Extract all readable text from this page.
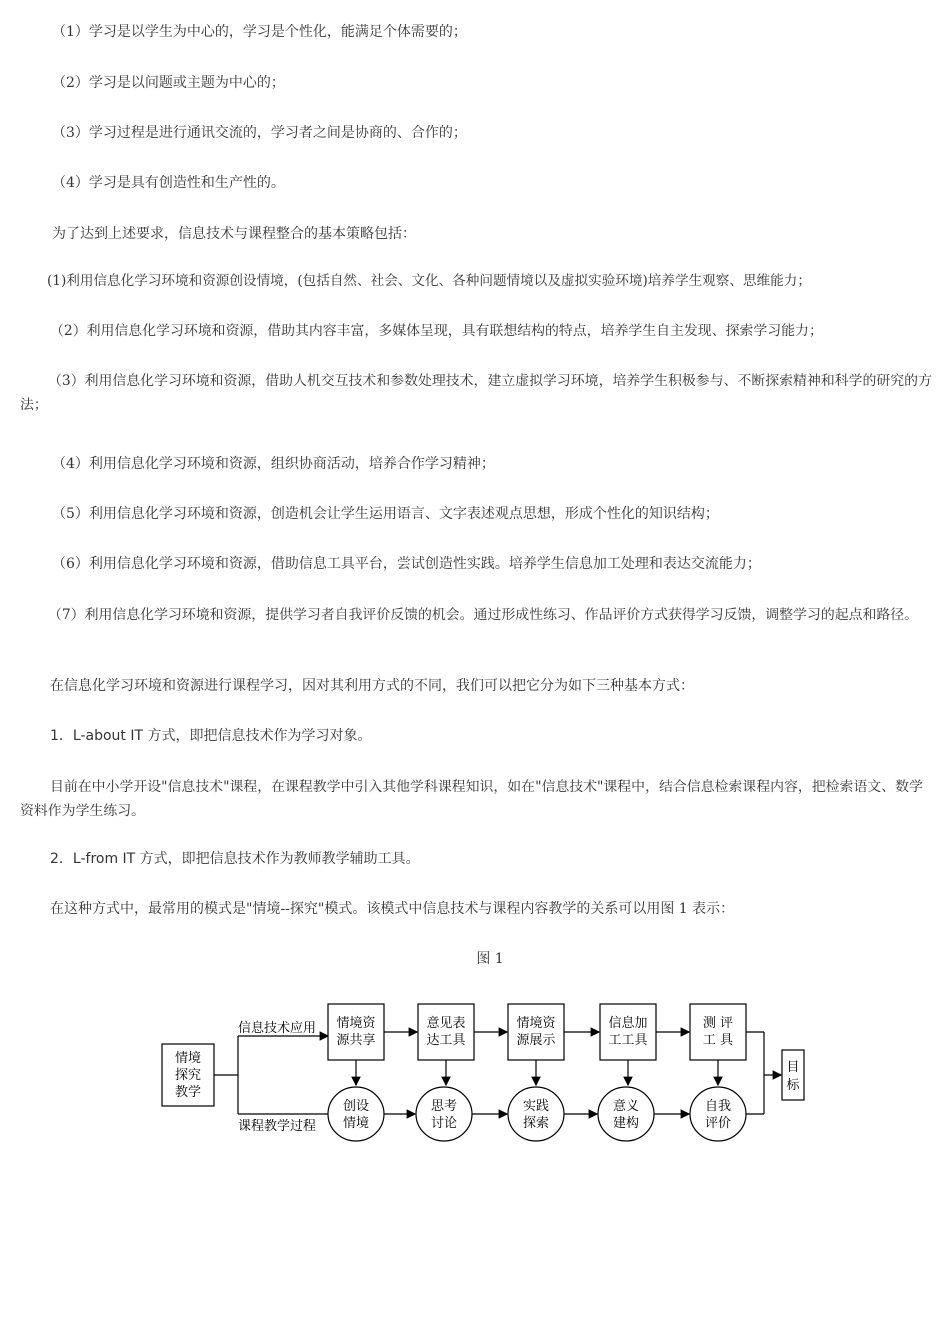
（1）学习是以学生为中心的，学习是个性化，能满足个体需要的；
（2）学习是以问题或主题为中心的；
（3）学习过程是进行通讯交流的，学习者之间是协商的、合作的；
（4）学习是具有创造性和生产性的。
为了达到上述要求，信息技术与课程整合的基本策略包括：
(1)利用信息化学习环境和资源创设情境，(包括自然、社会、文化、各种问题情境以及虚拟实验环境)培养学生观察、思维能力；
（2）利用信息化学习环境和资源，借助其内容丰富，多媒体呈现，具有联想结构的特点，培养学生自主发现、探索学习能力；
（3）利用信息化学习环境和资源，借助人机交互技术和参数处理技术，建立虚拟学习环境，培养学生积极参与、不断探索精神和科学的研究的方法；
（4）利用信息化学习环境和资源，组织协商活动，培养合作学习精神；
（5）利用信息化学习环境和资源，创造机会让学生运用语言、文字表述观点思想，形成个性化的知识结构；
（6）利用信息化学习环境和资源，借助信息工具平台，尝试创造性实践。培养学生信息加工处理和表达交流能力；
（7）利用信息化学习环境和资源，提供学习者自我评价反馈的机会。通过形成性练习、作品评价方式获得学习反馈，调整学习的起点和路径。
在信息化学习环境和资源进行课程学习，因对其利用方式的不同，我们可以把它分为如下三种基本方式：
1．L-about IT 方式，即把信息技术作为学习对象。
目前在中小学开设"信息技术"课程，在课程教学中引入其他学科课程知识，如在"信息技术"课程中，结合信息检索课程内容，把检索语文、数学资料作为学生练习。
2．L-from IT 方式，即把信息技术作为教师教学辅助工具。
在这种方式中，最常用的模式是"情境--探究"模式。该模式中信息技术与课程内容教学的关系可以用图 1 表示：
图 1
情境
探究
教学
信息技术应用
课程教学过程
情境资
源共享
意见表
达工具
情境资
源展示
信息加
工工具
测 评
工 具
创设
情境
思考
讨论
实践
探索
意义
建构
自我
评价
目
标
